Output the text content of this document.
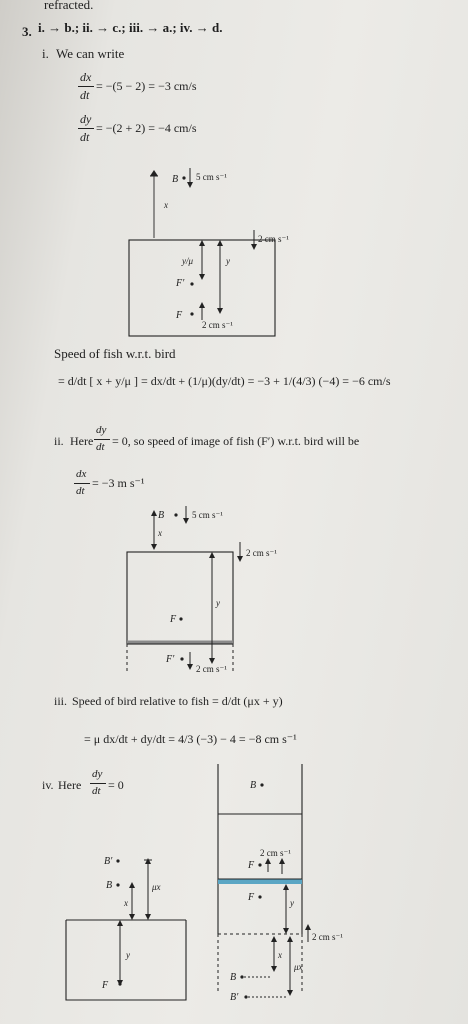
refracted.
3. i. → b.; ii. → c.; iii. → a.; iv. → d.
i. We can write
dx
dt
= −(5 − 2) = −3 cm/s
dy
dt
= −(2 + 2) = −4 cm/s
B 5 cm s⁻¹
x
2 cm s⁻¹
y/μ	y
F′
F
2 cm s⁻¹
Speed of fish w.r.t. bird
= d/dt [ x + y/μ ] = dx/dt + (1/μ)(dy/dt) = −3 + 1/(4/3) (−4) = −6 cm/s
ii. Here
dy
dt = 0, so speed of image of fish (F′) w.r.t. bird will be
dx
dt
= −3 m s⁻¹
B	5 cm s⁻¹
x
2 cm s⁻¹
y
F
F′
2 cm s⁻¹
iii. Speed of bird relative to fish = d/dt (μx + y)
= μ dx/dt + dy/dt = 4/3 (−3) − 4 = −8 cm s⁻¹
iv. Here
dy
dt = 0
B′
μx
B
x
y
F
B
2 cm s⁻¹
F
F	y
x
μx
2 cm s⁻¹
B
B′
